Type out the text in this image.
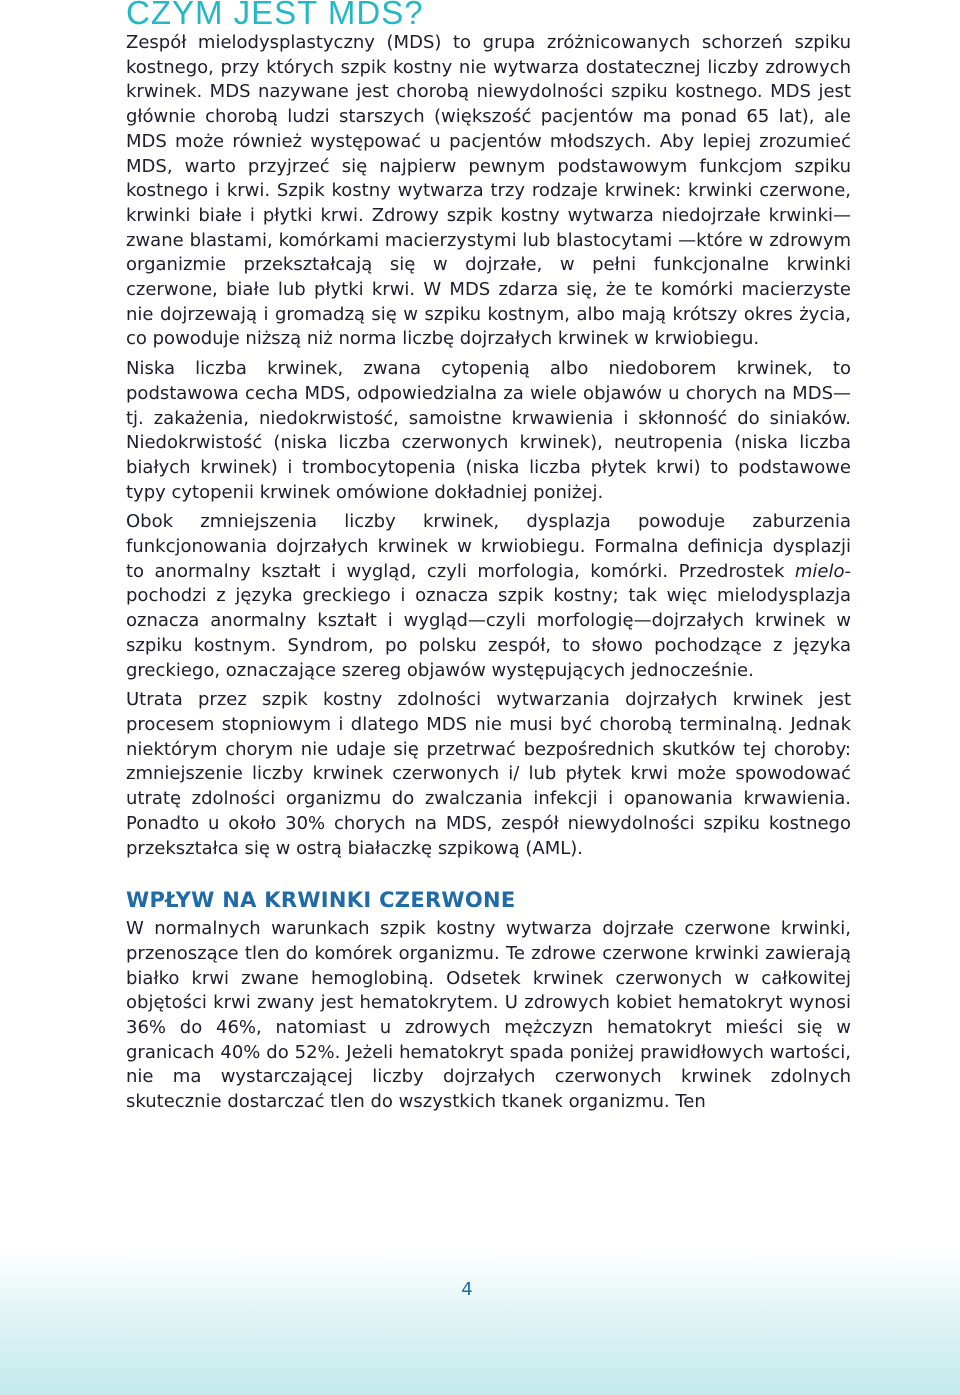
CZYM JEST MDS?

Zespół mielodysplastyczny (MDS) to grupa zróżnicowanych schorzeń szpiku kostnego, przy których szpik kostny nie wytwarza dostatecznej liczby zdrowych krwinek. MDS nazywane jest chorobą niewydolności szpiku kostnego. MDS jest głównie chorobą ludzi starszych (większość pacjentów ma ponad 65 lat), ale MDS może również występować u pacjentów młodszych. Aby lepiej zrozumieć MDS, warto przyjrzeć się najpierw pewnym podstawowym funkcjom szpiku kostnego i krwi. Szpik kostny wytwarza trzy rodzaje krwinek: krwinki czerwone, krwinki białe i płytki krwi. Zdrowy szpik kostny wytwarza niedojrzałe krwinki—zwane blastami, komórkami macierzystymi lub blastocytami —które w zdrowym organizmie przekształcają się w dojrzałe, w pełni funkcjonalne krwinki czerwone, białe lub płytki krwi. W MDS zdarza się, że te komórki macierzyste nie dojrzewają i gromadzą się w szpiku kostnym, albo mają krótszy okres życia, co powoduje niższą niż norma liczbę dojrzałych krwinek w krwiobiegu.

Niska liczba krwinek, zwana cytopenią albo niedoborem krwinek, to podstawowa cecha MDS, odpowiedzialna za wiele objawów u chorych na MDS—tj. zakażenia, niedokrwistość, samoistne krwawienia i skłonność do siniaków. Niedokrwistość (niska liczba czerwonych krwinek), neutropenia (niska liczba białych krwinek) i trombocytopenia (niska liczba płytek krwi) to podstawowe typy cytopenii krwinek omówione dokładniej poniżej.

Obok zmniejszenia liczby krwinek, dysplazja powoduje zaburzenia funkcjonowania dojrzałych krwinek w krwiobiegu. Formalna definicja dysplazji to anormalny kształt i wygląd, czyli morfologia, komórki. Przedrostek mielo- pochodzi z języka greckiego i oznacza szpik kostny; tak więc mielodysplazja oznacza anormalny kształt i wygląd—czyli morfologię—dojrzałych krwinek w szpiku kostnym. Syndrom, po polsku zespół, to słowo pochodzące z języka greckiego, oznaczające szereg objawów występujących jednocześnie.

Utrata przez szpik kostny zdolności wytwarzania dojrzałych krwinek jest procesem stopniowym i dlatego MDS nie musi być chorobą terminalną. Jednak niektórym chorym nie udaje się przetrwać bezpośrednich skutków tej choroby: zmniejszenie liczby krwinek czerwonych i/ lub płytek krwi może spowodować utratę zdolności organizmu do zwalczania infekcji i opanowania krwawienia. Ponadto u około 30% chorych na MDS, zespół niewydolności szpiku kostnego przekształca się w ostrą białaczkę szpikową (AML).

WPŁYW NA KRWINKI CZERWONE

W normalnych warunkach szpik kostny wytwarza dojrzałe czerwone krwinki, przenoszące tlen do komórek organizmu. Te zdrowe czerwone krwinki zawierają białko krwi zwane hemoglobiną. Odsetek krwinek czerwonych w całkowitej objętości krwi zwany jest hematokrytem. U zdrowych kobiet hematokryt wynosi 36% do 46%, natomiast u zdrowych mężczyzn hematokryt mieści się w granicach 40% do 52%. Jeżeli hematokryt spada poniżej prawidłowych wartości, nie ma wystarczającej liczby dojrzałych czerwonych krwinek zdolnych skutecznie dostarczać tlen do wszystkich tkanek organizmu. Ten

4
